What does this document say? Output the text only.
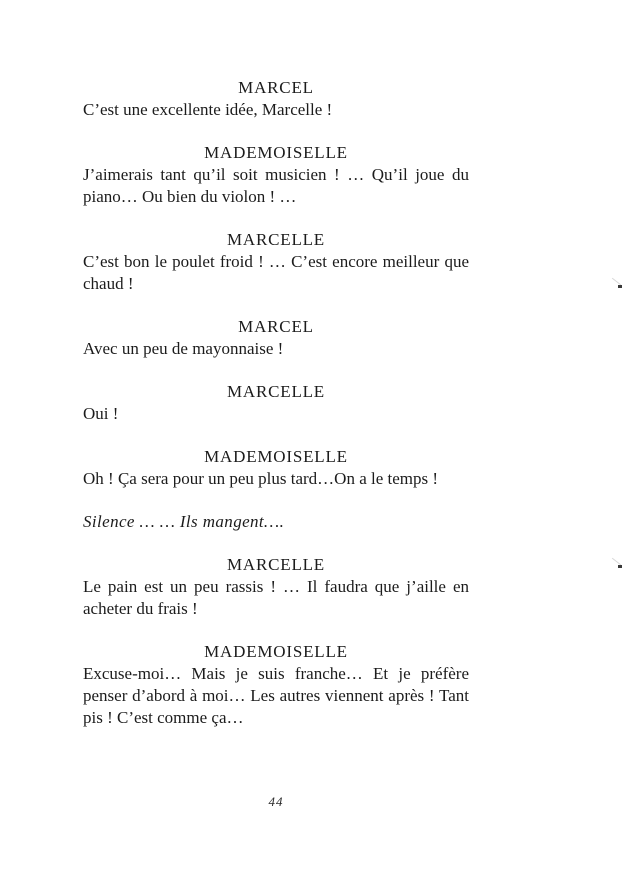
MARCEL
C’est une excellente idée, Marcelle !
MADEMOISELLE
J’aimerais tant qu’il soit musicien ! … Qu’il joue du piano… Ou bien du violon ! …
MARCELLE
C’est bon le poulet froid ! … C’est encore meilleur que chaud !
MARCEL
Avec un peu de mayonnaise !
MARCELLE
Oui !
MADEMOISELLE
Oh ! Ça sera pour un peu plus tard…On a le temps !
Silence … … Ils mangent….
MARCELLE
Le pain est un peu rassis ! … Il faudra que j’aille en acheter du frais !
MADEMOISELLE
Excuse-moi… Mais je suis franche… Et je préfère penser d’abord à moi… Les autres viennent après ! Tant pis ! C’est comme ça…
44
